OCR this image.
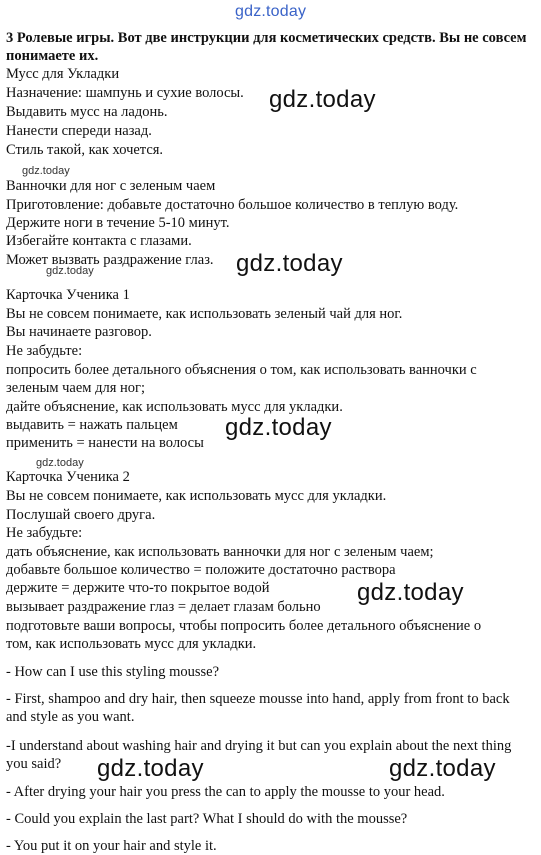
gdz.today
3 Ролевые игры. Вот две инструкции для косметических средств. Вы не совсем понимаете их.
Мусс для Укладки
Назначение: шампунь и сухие волосы.
Выдавить мусс на ладонь.
Нанести спереди назад.
Стиль такой, как хочется.
Ванночки для ног с зеленым чаем
Приготовление: добавьте достаточно большое количество в теплую воду.
Держите ноги в течение 5-10 минут.
Избегайте контакта с глазами.
Может вызвать раздражение глаз.
Карточка Ученика 1
Вы не совсем понимаете, как использовать зеленый чай для ног.
Вы начинаете разговор.
Не забудьте:
попросить более детального объяснения о том, как использовать ванночки с
зеленым чаем для ног;
дайте объяснение, как использовать мусс для укладки.
выдавить = нажать пальцем
применить = нанести на волосы
Карточка Ученика 2
Вы не совсем понимаете, как использовать мусс для укладки.
Послушай своего друга.
Не забудьте:
дать объяснение, как использовать ванночки для ног с зеленым чаем;
добавьте большое количество = положите достаточно раствора
держите = держите что-то покрытое водой
вызывает раздражение глаз = делает глазам больно
подготовьте ваши вопросы, чтобы попросить более детального объяснение о
том, как использовать мусс для укладки.
- How can I use this styling mousse?
- First, shampoo and dry hair, then squeeze mousse into hand, apply from front to back and style as you want.
-I understand about washing hair and drying it but can you explain about the next thing you said?
- After drying your hair you press the can to apply the mousse to your head.
- Could you explain the last part? What I should do with the mousse?
- You put it on your hair and style it.
gdz.today
gdz.today
gdz.today
gdz.today
gdz.today
gdz.today
gdz.today
gdz.today	gdz.today
